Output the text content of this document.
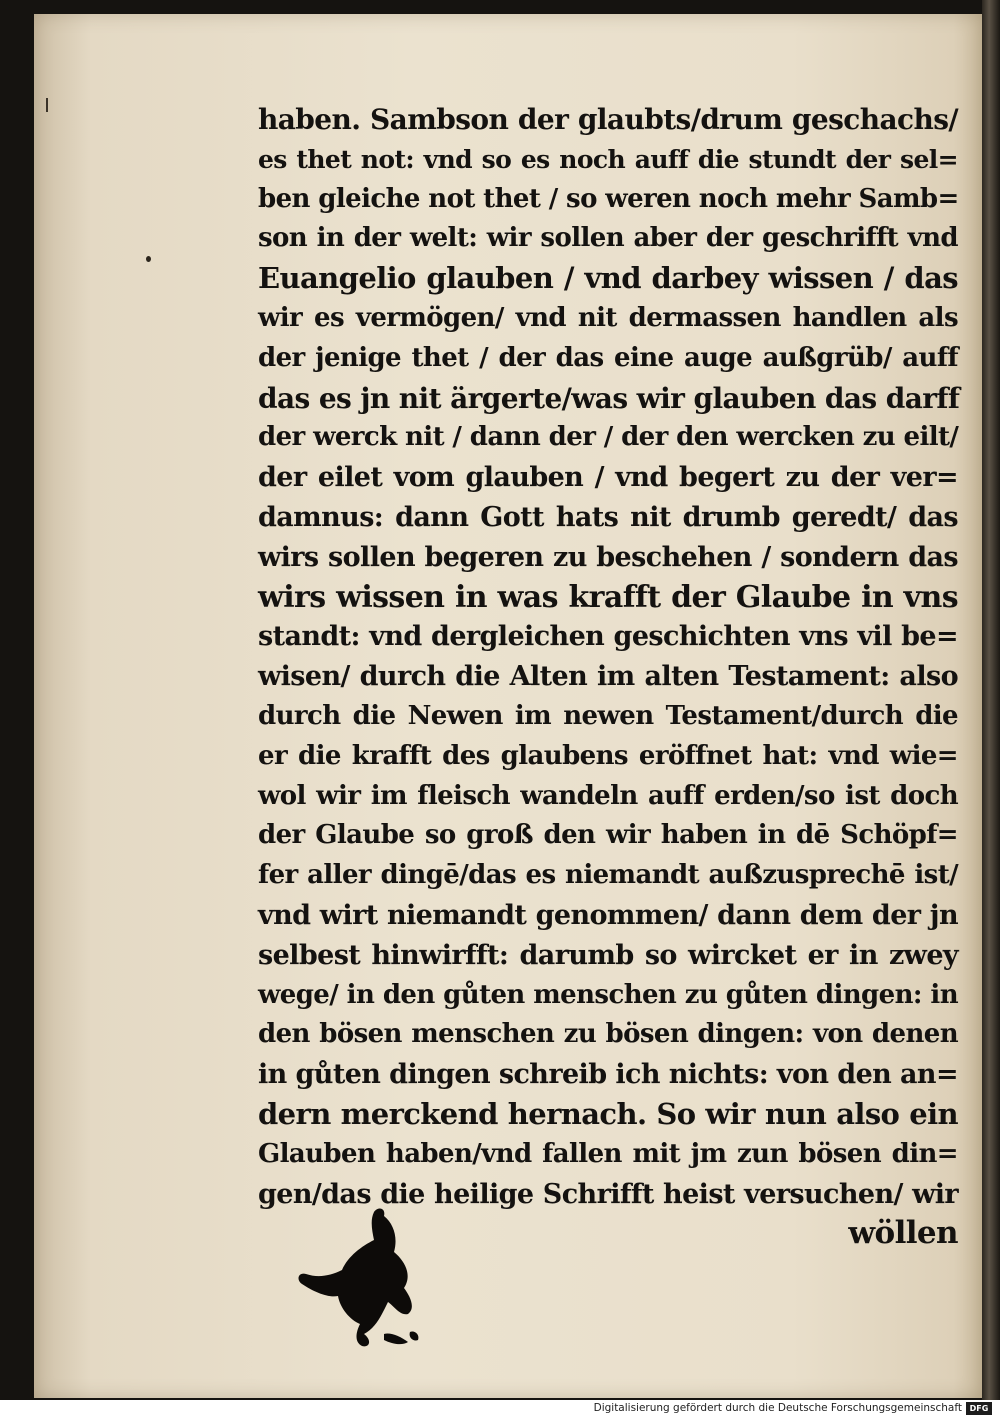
haben. Sambson der glaubts/drum geschachs/
es thet not: vnd so es noch auff die stundt der sel=
ben gleiche not thet / so weren noch mehr Samb=
son in der welt: wir sollen aber der geschrifft vnd
Euangelio glauben / vnd darbey wissen / das
wir es vermögen/ vnd nit dermassen handlen als
der jenige thet / der das eine auge außgrüb/ auff
das es jn nit ärgerte/was wir glauben das darff
der werck nit / dann der / der den wercken zu eilt/
der eilet vom glauben / vnd begert zu der ver=
damnus: dann Gott hats nit drumb geredt/ das
wirs sollen begeren zu beschehen / sondern das
wirs wissen in was krafft der Glaube in vns
standt: vnd dergleichen geschichten vns vil be=
wisen/ durch die Alten im alten Testament: also
durch die Newen im newen Testament/durch die
er die krafft des glaubens eröffnet hat: vnd wie=
wol wir im fleisch wandeln auff erden/so ist doch
der Glaube so groß den wir haben in dē Schöpf=
fer aller dingē/das es niemandt außzusprechē ist/
vnd wirt niemandt genommen/ dann dem der jn
selbest hinwirfft: darumb so wircket er in zwey
wege/ in den gůten menschen zu gůten dingen: in
den bösen menschen zu bösen dingen: von denen
in gůten dingen schreib ich nichts: von den an=
dern merckend hernach. So wir nun also ein
Glauben haben/vnd fallen mit jm zun bösen din=
gen/das die heilige Schrifft heist versuchen/ wir
wöllen
Digitalisierung gefördert durch die Deutsche Forschungsgemeinschaft DFG
